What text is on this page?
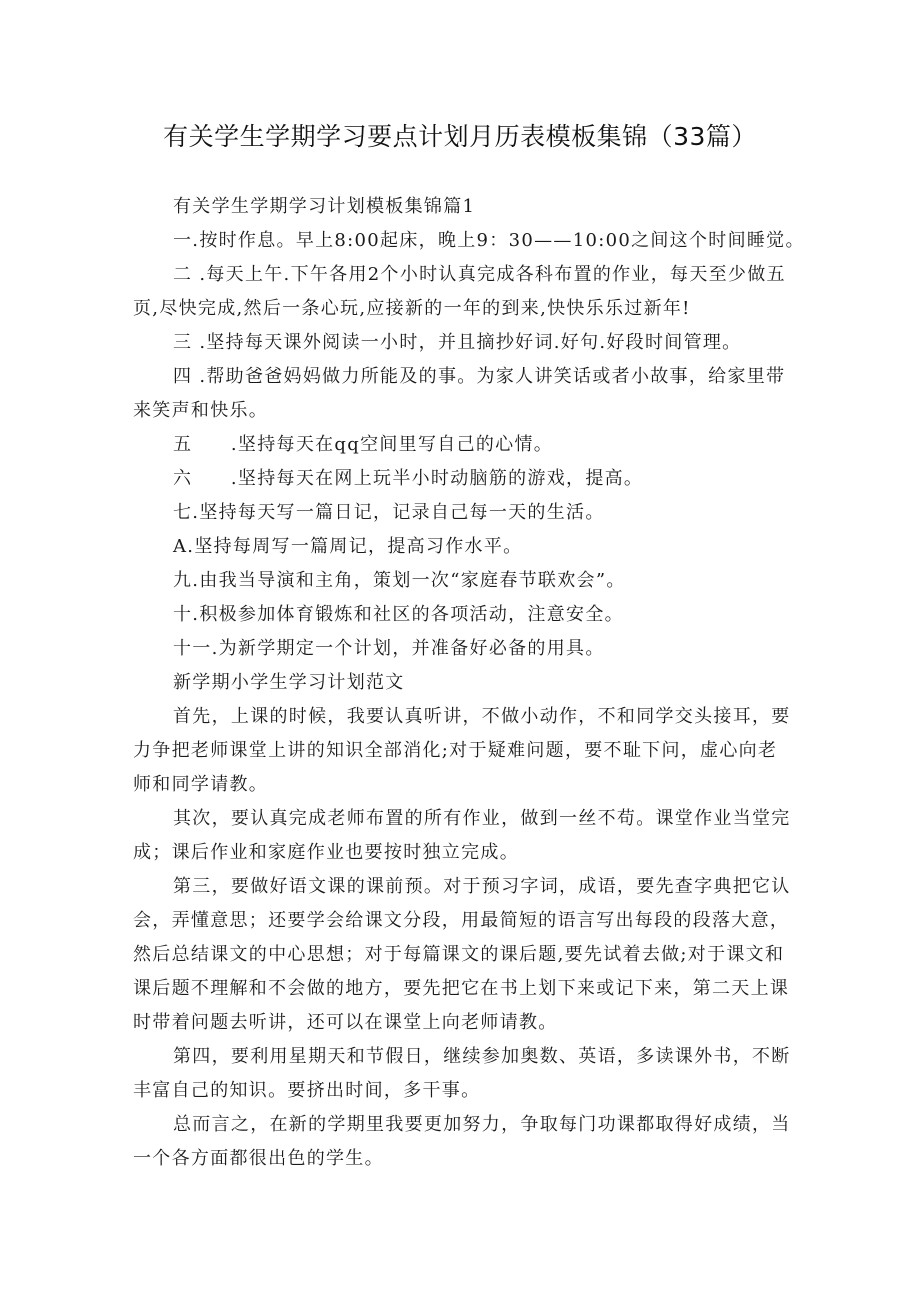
有关学生学期学习要点计划月历表模板集锦（33篇）

有关学生学期学习计划模板集锦篇1

一.按时作息。早上8:00起床，晚上9：30——10:00之间这个时间睡觉。

二 .每天上午.下午各用2个小时认真完成各科布置的作业，每天至少做五页,尽快完成,然后一条心玩,应接新的一年的到来,快快乐乐过新年!

三 .坚持每天课外阅读一小时，并且摘抄好词.好句.好段时间管理。

四 .帮助爸爸妈妈做力所能及的事。为家人讲笑话或者小故事，给家里带来笑声和快乐。

五　　.坚持每天在qq空间里写自己的心情。

六　　.坚持每天在网上玩半小时动脑筋的游戏，提高。

七.坚持每天写一篇日记，记录自己每一天的生活。

A.坚持每周写一篇周记，提高习作水平。

九.由我当导演和主角，策划一次“家庭春节联欢会”。

十.积极参加体育锻炼和社区的各项活动，注意安全。

十一.为新学期定一个计划，并准备好必备的用具。

新学期小学生学习计划范文

首先，上课的时候，我要认真听讲，不做小动作，不和同学交头接耳，要力争把老师课堂上讲的知识全部消化;对于疑难问题，要不耻下问，虚心向老师和同学请教。

其次，要认真完成老师布置的所有作业，做到一丝不苟。课堂作业当堂完成；课后作业和家庭作业也要按时独立完成。

第三，要做好语文课的课前预。对于预习字词，成语，要先查字典把它认会，弄懂意思；还要学会给课文分段，用最简短的语言写出每段的段落大意，然后总结课文的中心思想；对于每篇课文的课后题,要先试着去做;对于课文和课后题不理解和不会做的地方，要先把它在书上划下来或记下来，第二天上课时带着问题去听讲，还可以在课堂上向老师请教。

第四，要利用星期天和节假日，继续参加奥数、英语，多读课外书，不断丰富自己的知识。要挤出时间，多干事。

总而言之，在新的学期里我要更加努力，争取每门功课都取得好成绩，当一个各方面都很出色的学生。
